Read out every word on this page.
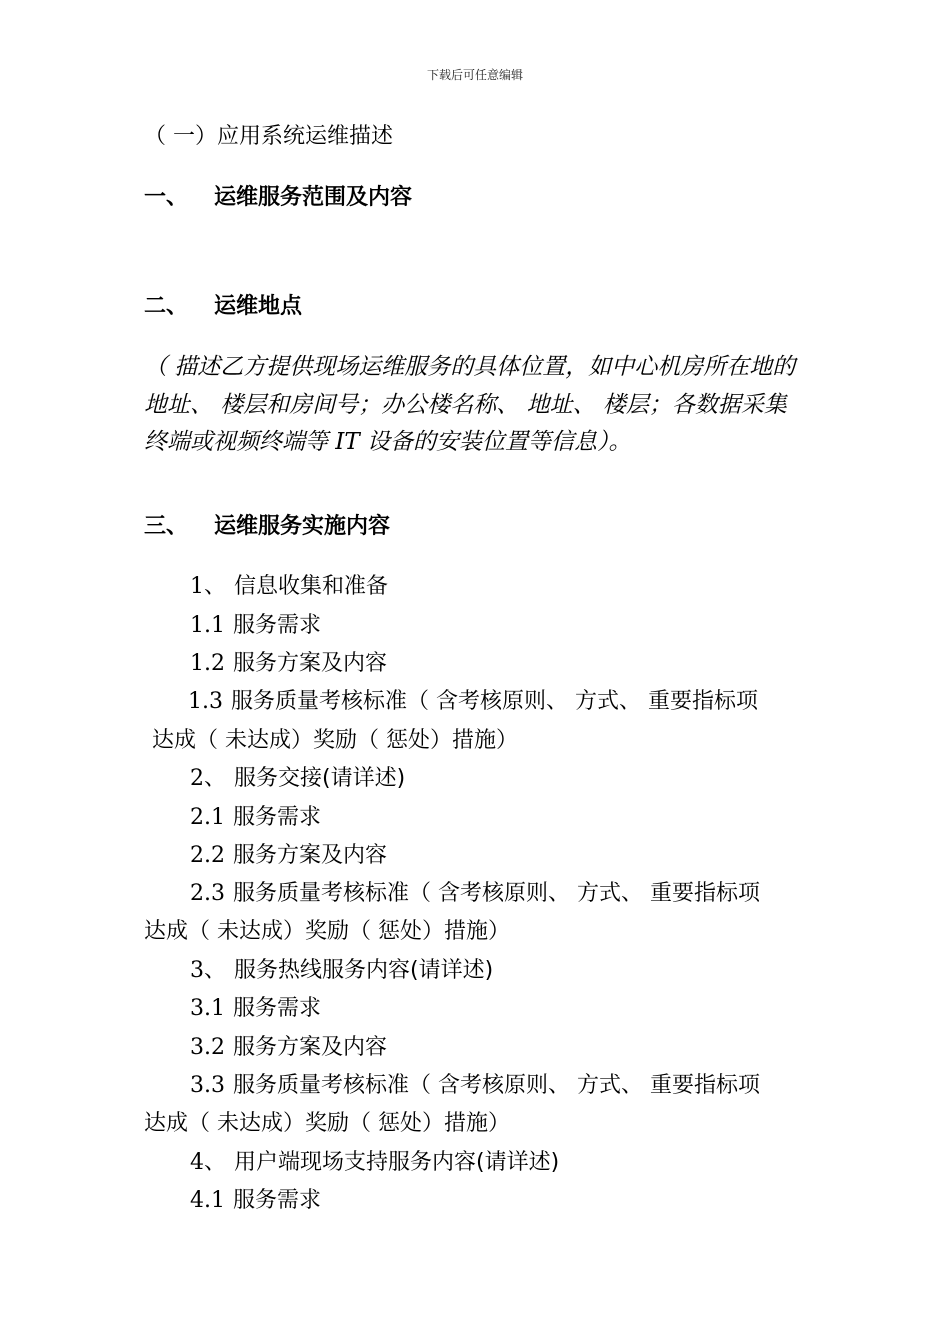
下载后可任意编辑
（ 一）应用系统运维描述
一、 运维服务范围及内容
二、 运维地点
（ 描述乙方提供现场运维服务的具体位置，如中心机房所在地的
地址、 楼层和房间号；办公楼名称、 地址、 楼层；各数据采集
终端或视频终端等 IT 设备的安装位置等信息）。
三、 运维服务实施内容
1、 信息收集和准备
1.1 服务需求
1.2 服务方案及内容
1.3 服务质量考核标准（ 含考核原则、 方式、 重要指标项
达成（ 未达成）奖励（ 惩处）措施）
2、 服务交接(请详述)
2.1 服务需求
2.2 服务方案及内容
2.3 服务质量考核标准（ 含考核原则、 方式、 重要指标项
达成（ 未达成）奖励（ 惩处）措施）
3、 服务热线服务内容(请详述)
3.1 服务需求
3.2 服务方案及内容
3.3 服务质量考核标准（ 含考核原则、 方式、 重要指标项
达成（ 未达成）奖励（ 惩处）措施）
4、 用户端现场支持服务内容(请详述)
4.1 服务需求
